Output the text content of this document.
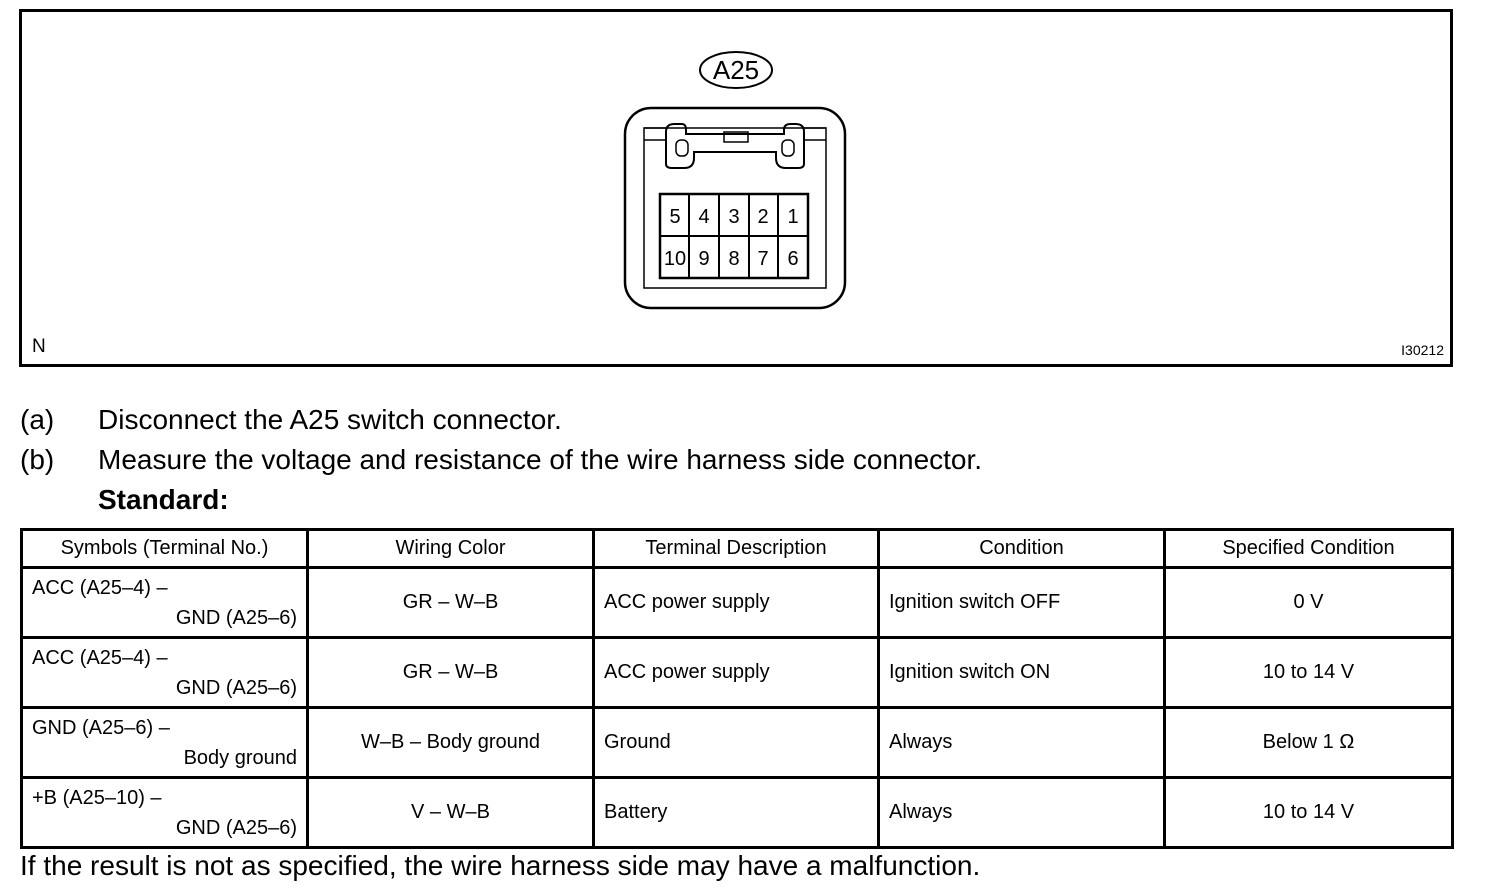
A25
5 4 3 2 1
10 9 8 7 6
N	I30212
(a) Disconnect the A25 switch connector.
(b) Measure the voltage and resistance of the wire harness side connector.
Standard:
Symbols (Terminal No.)	Wiring Color	Terminal Description	Condition	Specified Condition

ACC (A25–4) –
GND (A25–6)	GR – W–B	ACC power supply	Ignition switch OFF	0 V

ACC (A25–4) –
GND (A25–6)	GR – W–B	ACC power supply	Ignition switch ON	10 to 14 V

GND (A25–6) –
Body ground	W–B – Body ground	Ground	Always	Below 1 Ω

+B (A25–10) –
GND (A25–6)	V – W–B	Battery	Always	10 to 14 V
If the result is not as specified, the wire harness side may have a malfunction.
